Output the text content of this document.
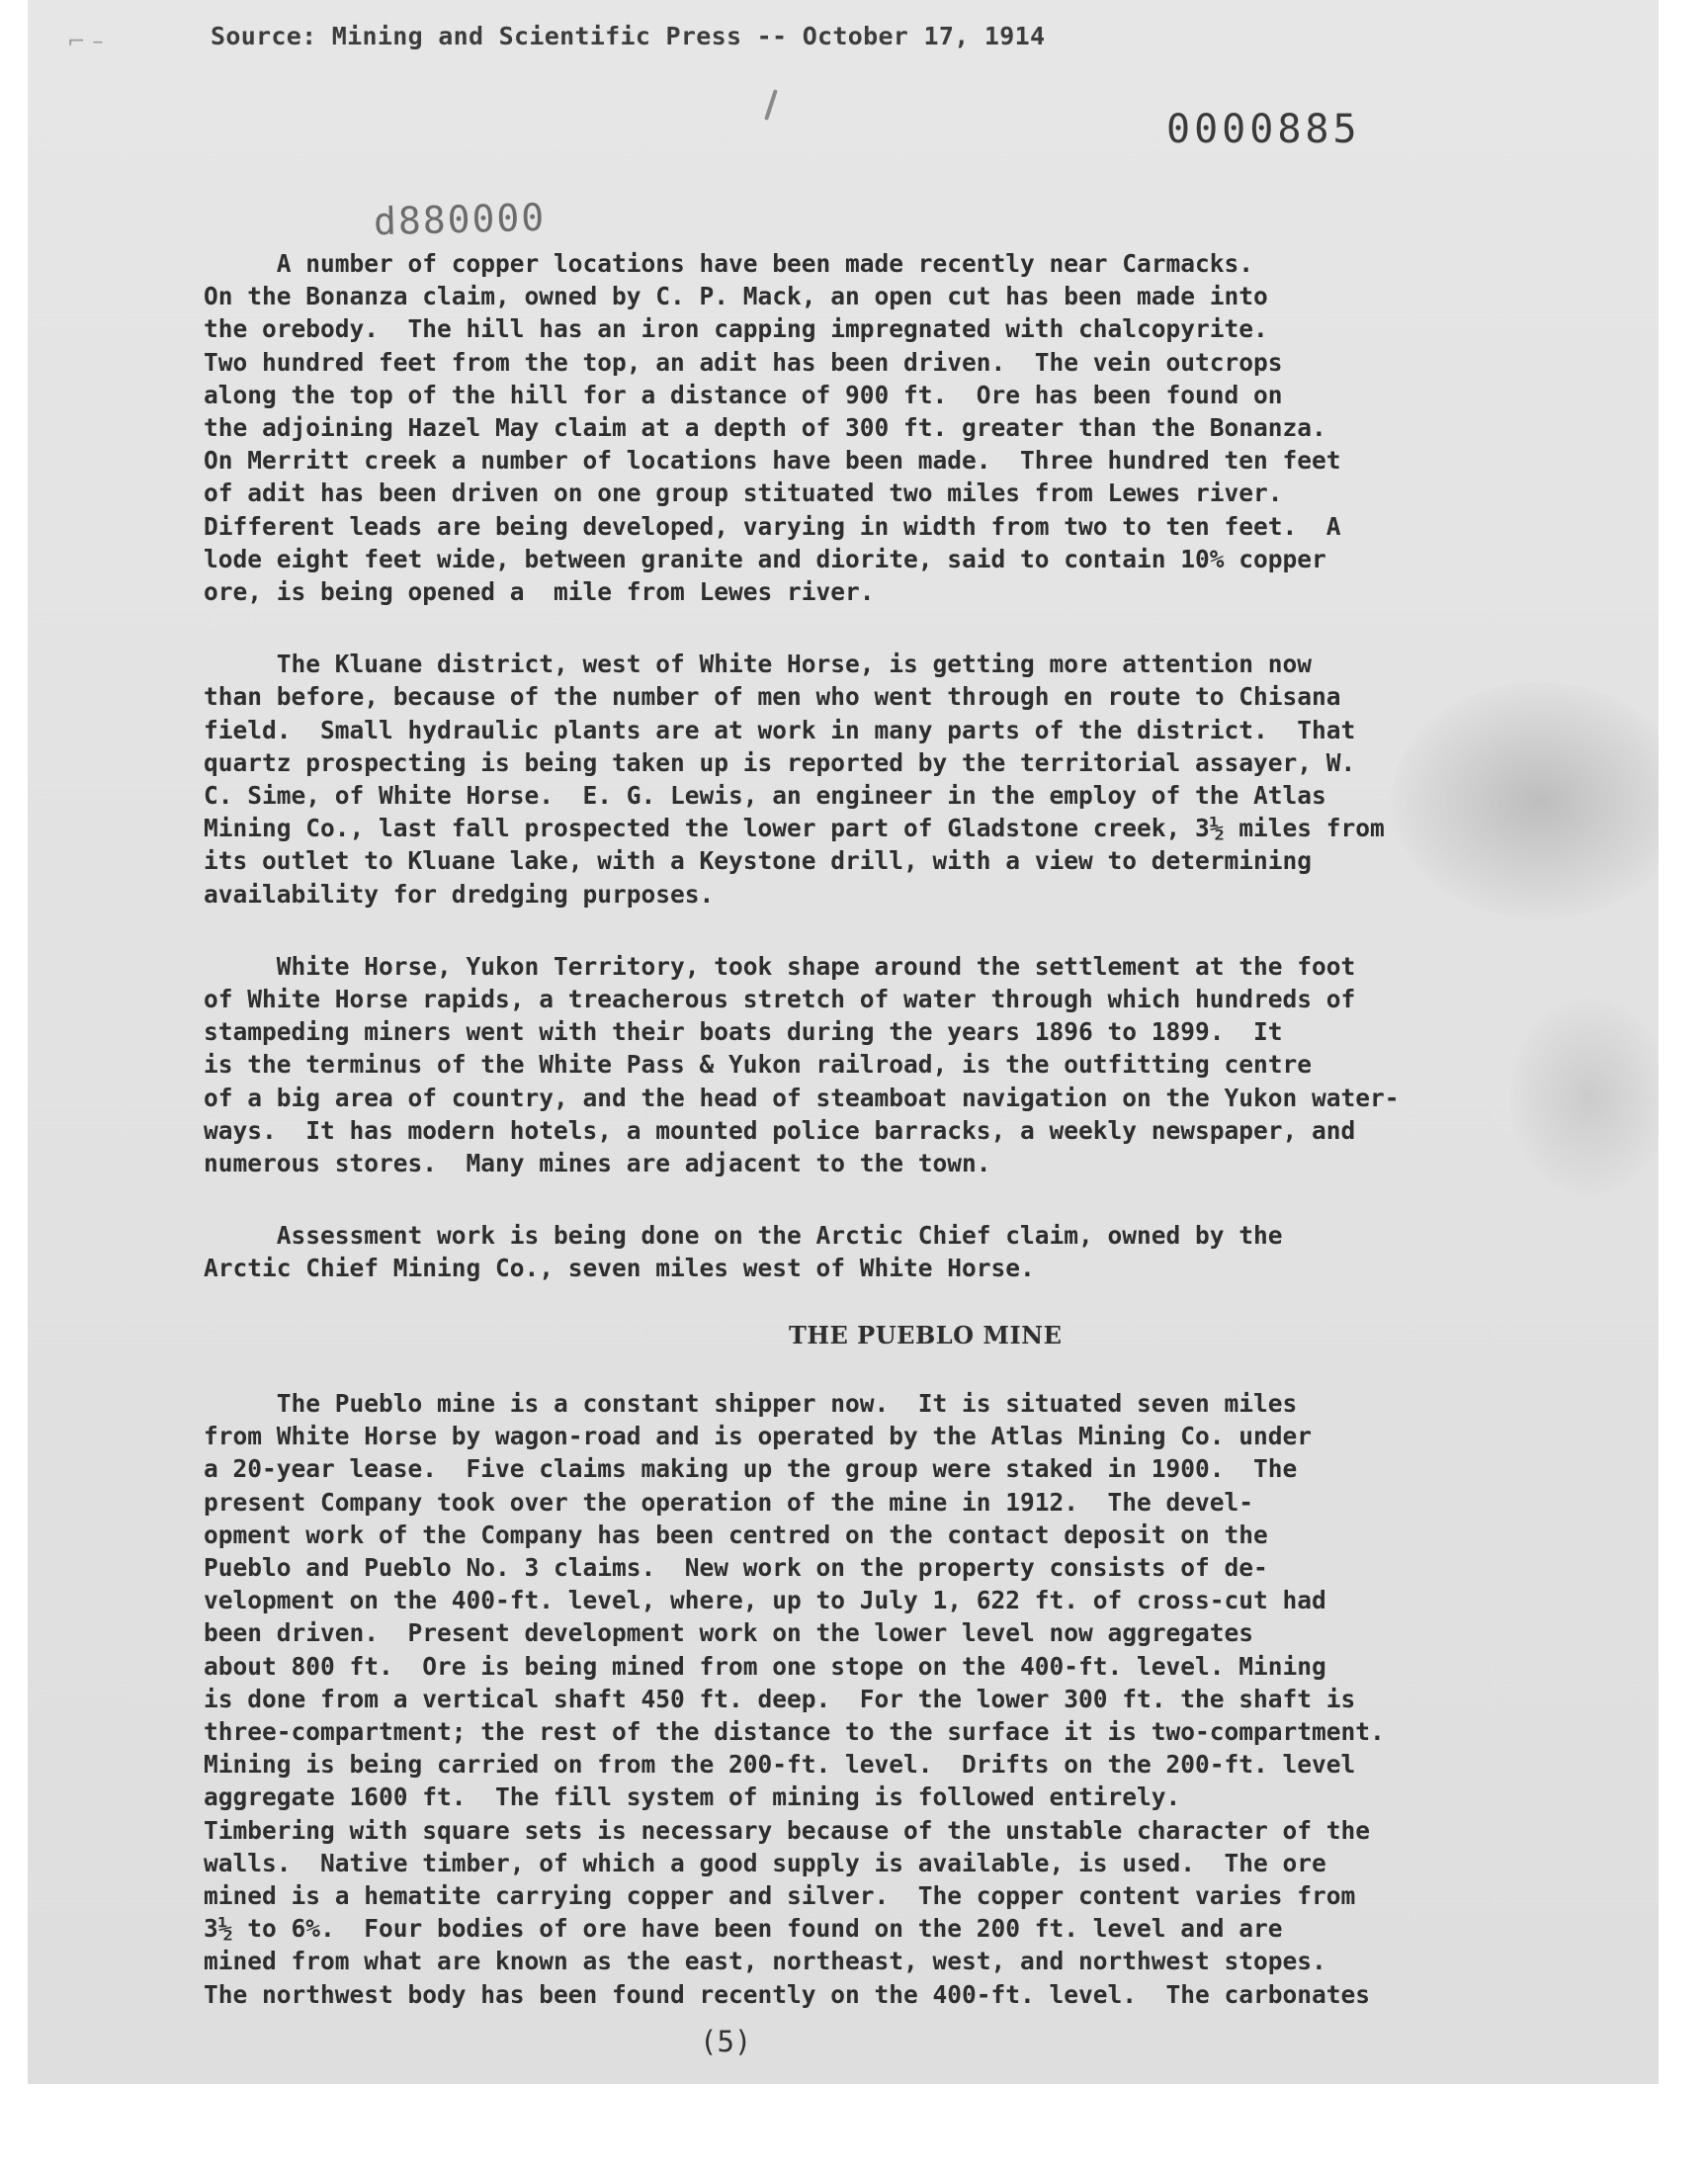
⌐ –	Source: Mining and Scientific Press -- October 17, 1914
0000885
d880000
A number of copper locations have been made recently near Carmacks.
On the Bonanza claim, owned by C. P. Mack, an open cut has been made into
the orebody.  The hill has an iron capping impregnated with chalcopyrite.
Two hundred feet from the top, an adit has been driven.  The vein outcrops
along the top of the hill for a distance of 900 ft.  Ore has been found on
the adjoining Hazel May claim at a depth of 300 ft. greater than the Bonanza.
On Merritt creek a number of locations have been made.  Three hundred ten feet
of adit has been driven on one group stituated two miles from Lewes river.
Different leads are being developed, varying in width from two to ten feet.  A
lode eight feet wide, between granite and diorite, said to contain 10% copper
ore, is being opened a  mile from Lewes river.
The Kluane district, west of White Horse, is getting more attention now
than before, because of the number of men who went through en route to Chisana
field.  Small hydraulic plants are at work in many parts of the district.  That
quartz prospecting is being taken up is reported by the territorial assayer, W.
C. Sime, of White Horse.  E. G. Lewis, an engineer in the employ of the Atlas
Mining Co., last fall prospected the lower part of Gladstone creek, 3½ miles from
its outlet to Kluane lake, with a Keystone drill, with a view to determining
availability for dredging purposes.
White Horse, Yukon Territory, took shape around the settlement at the foot
of White Horse rapids, a treacherous stretch of water through which hundreds of
stampeding miners went with their boats during the years 1896 to 1899.  It
is the terminus of the White Pass & Yukon railroad, is the outfitting centre
of a big area of country, and the head of steamboat navigation on the Yukon water-
ways.  It has modern hotels, a mounted police barracks, a weekly newspaper, and
numerous stores.  Many mines are adjacent to the town.
Assessment work is being done on the Arctic Chief claim, owned by the
Arctic Chief Mining Co., seven miles west of White Horse.
THE PUEBLO MINE
The Pueblo mine is a constant shipper now.  It is situated seven miles
from White Horse by wagon-road and is operated by the Atlas Mining Co. under
a 20-year lease.  Five claims making up the group were staked in 1900.  The
present Company took over the operation of the mine in 1912.  The devel-
opment work of the Company has been centred on the contact deposit on the
Pueblo and Pueblo No. 3 claims.  New work on the property consists of de-
velopment on the 400-ft. level, where, up to July 1, 622 ft. of cross-cut had
been driven.  Present development work on the lower level now aggregates
about 800 ft.  Ore is being mined from one stope on the 400-ft. level. Mining
is done from a vertical shaft 450 ft. deep.  For the lower 300 ft. the shaft is
three-compartment; the rest of the distance to the surface it is two-compartment.
Mining is being carried on from the 200-ft. level.  Drifts on the 200-ft. level
aggregate 1600 ft.  The fill system of mining is followed entirely.
Timbering with square sets is necessary because of the unstable character of the
walls.  Native timber, of which a good supply is available, is used.  The ore
mined is a hematite carrying copper and silver.  The copper content varies from
3½ to 6%.  Four bodies of ore have been found on the 200 ft. level and are
mined from what are known as the east, northeast, west, and northwest stopes.
The northwest body has been found recently on the 400-ft. level.  The carbonates
(5)
